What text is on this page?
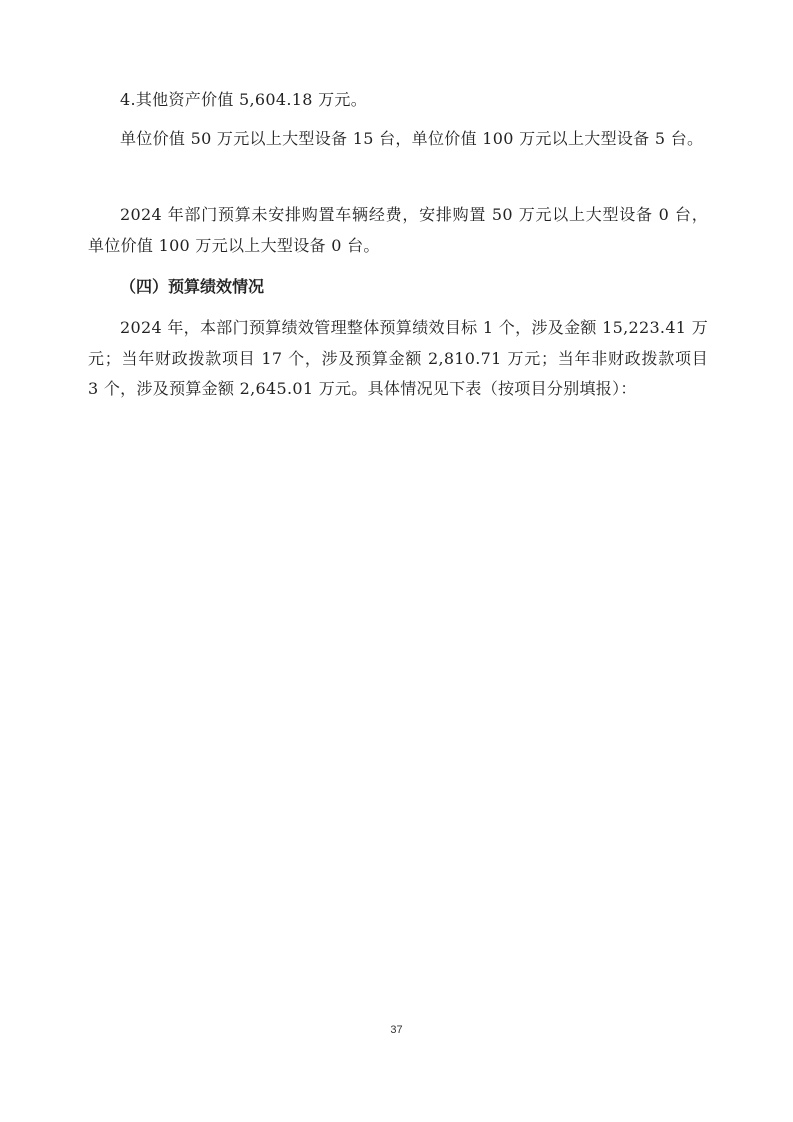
4.其他资产价值 5,604.18 万元。

单位价值 50 万元以上大型设备 15 台，单位价值 100 万元以上大型设备 5 台。

2024 年部门预算未安排购置车辆经费，安排购置 50 万元以上大型设备 0 台，单位价值 100 万元以上大型设备 0 台。

（四）预算绩效情况

2024 年，本部门预算绩效管理整体预算绩效目标 1 个，涉及金额 15,223.41 万元；当年财政拨款项目 17 个，涉及预算金额 2,810.71 万元；当年非财政拨款项目 3 个，涉及预算金额 2,645.01 万元。具体情况见下表（按项目分别填报）：

37
